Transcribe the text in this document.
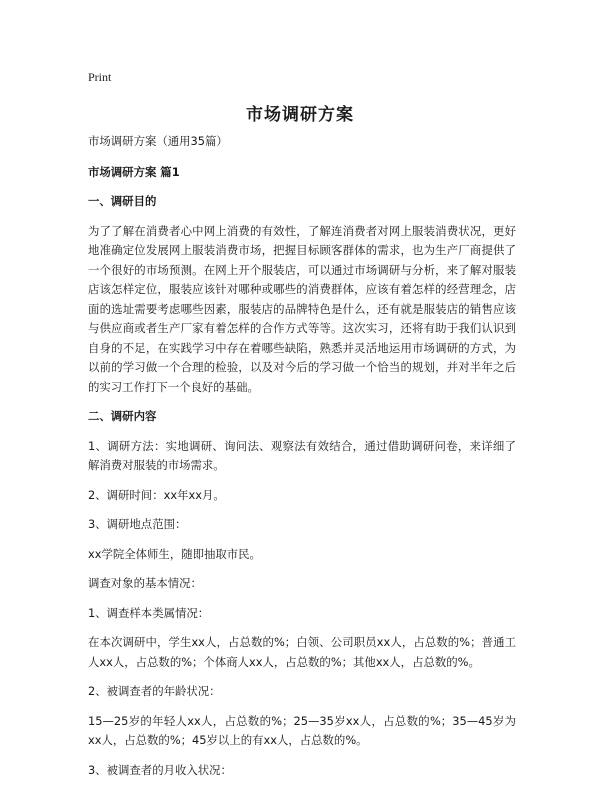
Print
市场调研方案

市场调研方案（通用35篇）

市场调研方案 篇1

一、调研目的

为了了解在消费者心中网上消费的有效性，了解连消费者对网上服装消费状况，更好地准确定位发展网上服装消费市场，把握目标顾客群体的需求，也为生产厂商提供了一个很好的市场预测。在网上开个服装店，可以通过市场调研与分析，来了解对服装店该怎样定位，服装应该针对哪种或哪些的消费群体，应该有着怎样的经营理念，店面的选址需要考虑哪些因素，服装店的品牌特色是什么，还有就是服装店的销售应该与供应商或者生产厂家有着怎样的合作方式等等。这次实习，还将有助于我们认识到自身的不足，在实践学习中存在着哪些缺陷，熟悉并灵活地运用市场调研的方式，为以前的学习做一个合理的检验，以及对今后的学习做一个恰当的规划，并对半年之后的实习工作打下一个良好的基础。

二、调研内容

1、调研方法：实地调研、询问法、观察法有效结合，通过借助调研问卷，来详细了解消费对服装的市场需求。

2、调研时间：xx年xx月。

3、调研地点范围：

xx学院全体师生，随即抽取市民。

调查对象的基本情况：

1、调查样本类属情况：

在本次调研中，学生xx人，占总数的%；白领、公司职员xx人，占总数的%；普通工人xx人，占总数的%；个体商人xx人，占总数的%；其他xx人，占总数的%。

2、被调查者的年龄状况：

15—25岁的年轻人xx人，占总数的%；25—35岁xx人，占总数的%；35—45岁为xx人，占总数的%；45岁以上的有xx人，占总数的%。

3、被调查者的月收入状况：
